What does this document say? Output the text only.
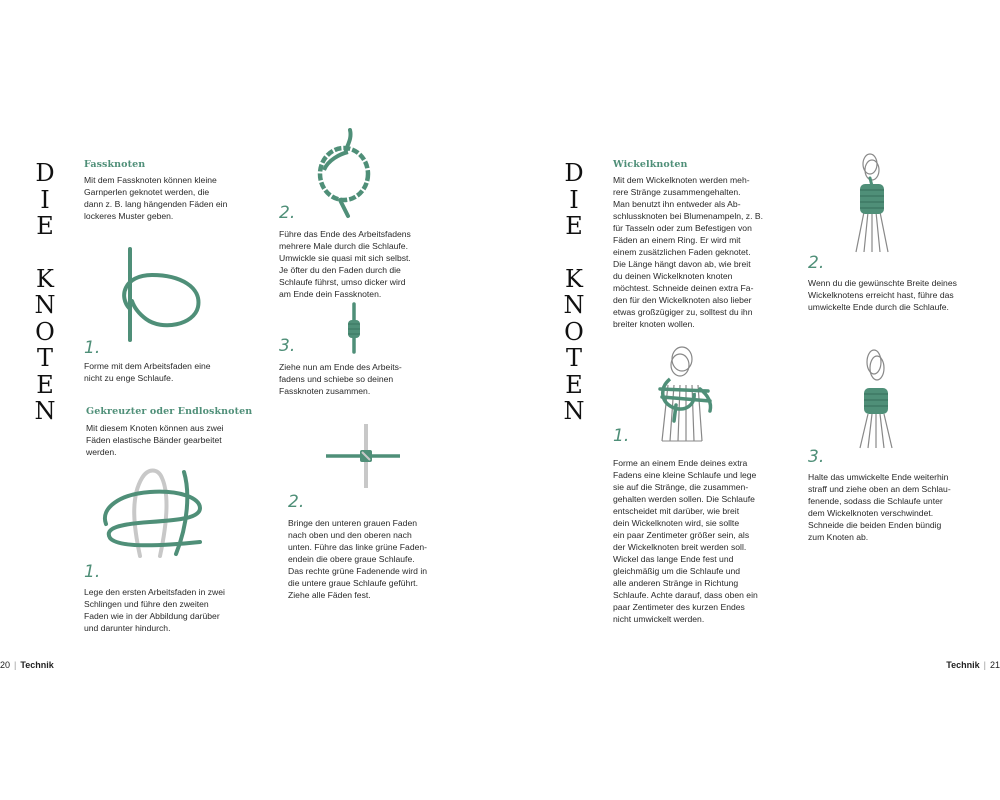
D
I
E
K
N
O
T
E
N
Fassknoten
Mit dem Fassknoten können kleine
Garnperlen geknotet werden, die
dann z. B. lang hängenden Fäden ein
lockeres Muster geben.
1.
Forme mit dem Arbeitsfaden eine
nicht zu enge Schlaufe.
2.
Führe das Ende des Arbeitsfadens
mehrere Male durch die Schlaufe.
Umwickle sie quasi mit sich selbst.
Je öfter du den Faden durch die
Schlaufe führst, umso dicker wird
am Ende dein Fassknoten.
3.
Ziehe nun am Ende des Arbeits-
fadens und schiebe so deinen
Fassknoten zusammen.
Gekreuzter oder Endlosknoten
Mit diesem Knoten können aus zwei
Fäden elastische Bänder gearbeitet
werden.
1.
Lege den ersten Arbeitsfaden in zwei
Schlingen und führe den zweiten
Faden wie in der Abbildung darüber
und darunter hindurch.
2.
Bringe den unteren grauen Faden
nach oben und den oberen nach
unten. Führe das linke grüne Faden-
endein die obere graue Schlaufe.
Das rechte grüne Fadenende wird in
die untere graue Schlaufe geführt.
Ziehe alle Fäden fest.
20 | Technik
D
I
E
K
N
O
T
E
N
Wickelknoten
Mit dem Wickelknoten werden meh-
rere Stränge zusammengehalten.
Man benutzt ihn entweder als Ab-
schlussknoten bei Blumenampeln, z. B.
für Tasseln oder zum Befestigen von
Fäden an einem Ring. Er wird mit
einem zusätzlichen Faden geknotet.
Die Länge hängt davon ab, wie breit
du deinen Wickelknoten knoten
möchtest. Schneide deinen extra Fa-
den für den Wickelknoten also lieber
etwas großzügiger zu, solltest du ihn
breiter knoten wollen.
1.
Forme an einem Ende deines extra
Fadens eine kleine Schlaufe und lege
sie auf die Stränge, die zusammen-
gehalten werden sollen. Die Schlaufe
entscheidet mit darüber, wie breit
dein Wickelknoten wird, sie sollte
ein paar Zentimeter größer sein, als
der Wickelknoten breit werden soll.
Wickel das lange Ende fest und
gleichmäßig um die Schlaufe und
alle anderen Stränge in Richtung
Schlaufe. Achte darauf, dass oben ein
paar Zentimeter des kurzen Endes
nicht umwickelt werden.
2.
Wenn du die gewünschte Breite deines
Wickelknotens erreicht hast, führe das
umwickelte Ende durch die Schlaufe.
3.
Halte das umwickelte Ende weiterhin
straff und ziehe oben an dem Schlau-
fenende, sodass die Schlaufe unter
dem Wickelknoten verschwindet.
Schneide die beiden Enden bündig
zum Knoten ab.
Technik | 21
